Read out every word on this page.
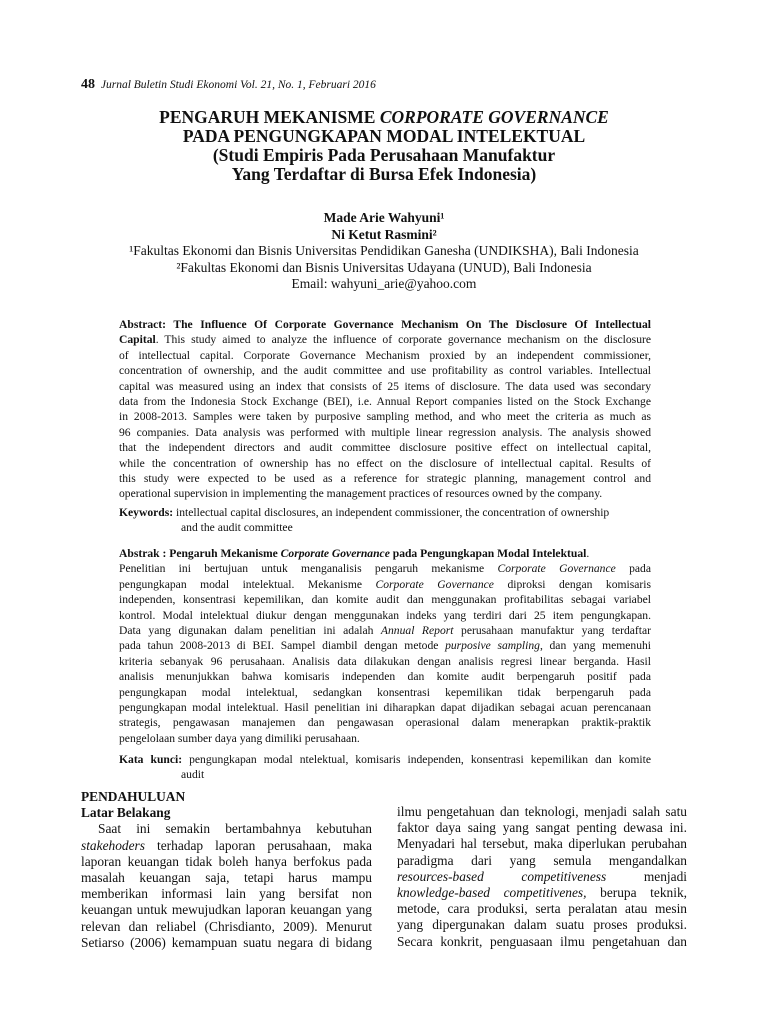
48 Jurnal Buletin Studi Ekonomi Vol. 21, No. 1, Februari 2016
PENGARUH MEKANISME CORPORATE GOVERNANCE
PADA PENGUNGKAPAN MODAL INTELEKTUAL
(Studi Empiris Pada Perusahaan Manufaktur
Yang Terdaftar di Bursa Efek Indonesia)
Made Arie Wahyuni¹
Ni Ketut Rasmini²
¹Fakultas Ekonomi dan Bisnis Universitas Pendidikan Ganesha (UNDIKSHA), Bali Indonesia
²Fakultas Ekonomi dan Bisnis Universitas Udayana (UNUD), Bali Indonesia
Email: wahyuni_arie@yahoo.com
Abstract: The Influence Of Corporate Governance Mechanism On The Disclosure Of Intellectual
Capital. This study aimed to analyze the influence of corporate governance mechanism on the disclosure
of intellectual capital. Corporate Governance Mechanism proxied by an independent commissioner,
concentration of ownership, and the audit committee and use profitability as control variables. Intellectual
capital was measured using an index that consists of 25 items of disclosure. The data used was secondary
data from the Indonesia Stock Exchange (BEI), i.e. Annual Report companies listed on the Stock Exchange
in 2008-2013. Samples were taken by purposive sampling method, and who meet the criteria as much as
96 companies. Data analysis was performed with multiple linear regression analysis. The analysis showed
that the independent directors and audit committee disclosure positive effect on intellectual capital,
while the concentration of ownership has no effect on the disclosure of intellectual capital. Results of
this study were expected to be used as a reference for strategic planning, management control and
operational supervision in implementing the management practices of resources owned by the company.
Keywords: intellectual capital disclosures, an independent commissioner, the concentration of ownership
and the audit committee
Abstrak : Pengaruh Mekanisme Corporate Governance pada Pengungkapan Modal Intelektual.
Penelitian ini bertujuan untuk menganalisis pengaruh mekanisme Corporate Governance pada
pengungkapan modal intelektual. Mekanisme Corporate Governance diproksi dengan komisaris
independen, konsentrasi kepemilikan, dan komite audit dan menggunakan profitabilitas sebagai variabel
kontrol. Modal intelektual diukur dengan menggunakan indeks yang terdiri dari 25 item pengungkapan.
Data yang digunakan dalam penelitian ini adalah Annual Report perusahaan manufaktur yang terdaftar
pada tahun 2008-2013 di BEI. Sampel diambil dengan metode purposive sampling, dan yang memenuhi
kriteria sebanyak 96 perusahaan. Analisis data dilakukan dengan analisis regresi linear berganda. Hasil
analisis menunjukkan bahwa komisaris independen dan komite audit berpengaruh positif pada
pengungkapan modal intelektual, sedangkan konsentrasi kepemilikan tidak berpengaruh pada
pengungkapan modal intelektual. Hasil penelitian ini diharapkan dapat dijadikan sebagai acuan perencanaan
strategis, pengawasan manajemen dan pengawasan operasional dalam menerapkan praktik-praktik
pengelolaan sumber daya yang dimiliki perusahaan.
Kata kunci: pengungkapan modal ntelektual, komisaris independen, konsentrasi kepemilikan dan komite
audit
PENDAHULUAN
Latar Belakang
Saat ini semakin bertambahnya kebutuhan
stakehoders terhadap laporan perusahaan, maka
laporan keuangan tidak boleh hanya berfokus pada
masalah keuangan saja, tetapi harus mampu
memberikan informasi lain yang bersifat non
keuangan untuk mewujudkan laporan keuangan yang
relevan dan reliabel (Chrisdianto, 2009). Menurut
Setiarso (2006) kemampuan suatu negara di bidang
ilmu pengetahuan dan teknologi, menjadi salah satu
faktor daya saing yang sangat penting dewasa ini.
Menyadari hal tersebut, maka diperlukan perubahan
paradigma dari yang semula mengandalkan
resources-based competitiveness menjadi
knowledge-based competitivenes, berupa teknik,
metode, cara produksi, serta peralatan atau mesin
yang dipergunakan dalam suatu proses produksi.
Secara konkrit, penguasaan ilmu pengetahuan dan
